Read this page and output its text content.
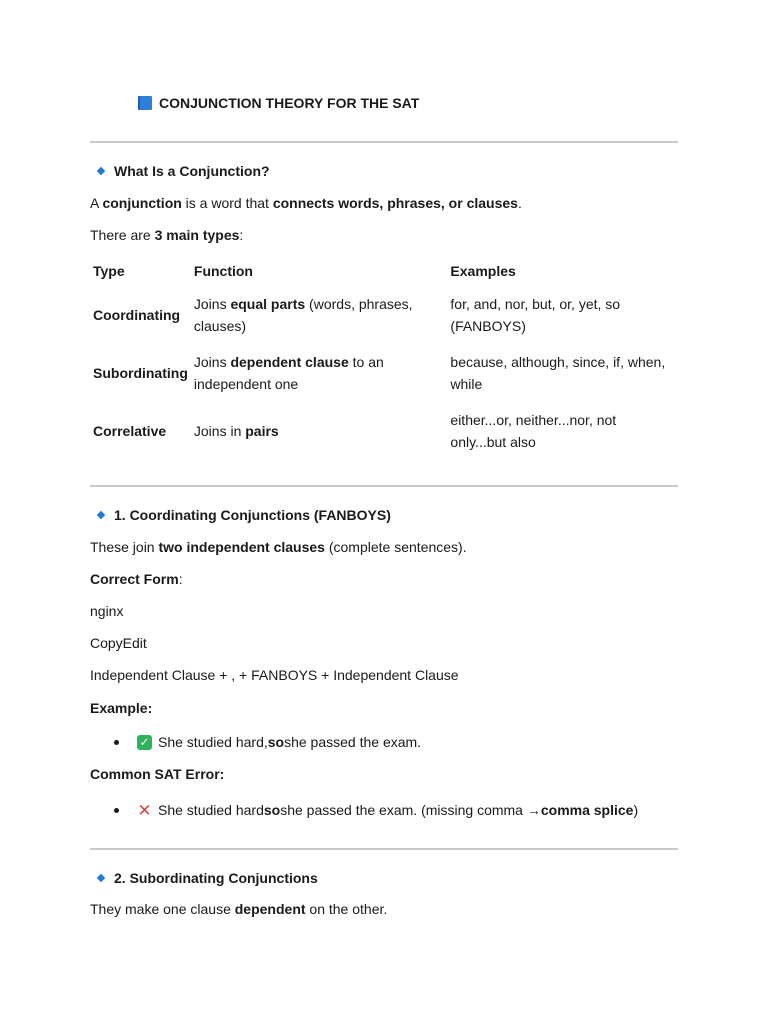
CONJUNCTION THEORY FOR THE SAT
What Is a Conjunction?
A conjunction is a word that connects words, phrases, or clauses.
There are 3 main types:
Type	Function	Examples
Coordinating	Joins equal parts (words, phrases, clauses)	for, and, nor, but, or, yet, so (FANBOYS)
Subordinating	Joins dependent clause to an independent one	because, although, since, if, when, while
Correlative	Joins in pairs	either...or, neither...nor, not only...but also
1. Coordinating Conjunctions (FANBOYS)
These join two independent clauses (complete sentences).
Correct Form:
nginx
CopyEdit
Independent Clause + , + FANBOYS + Independent Clause
Example:
✓ She studied hard, so she passed the exam.
Common SAT Error:
✕ She studied hard so she passed the exam. (missing comma → comma splice )
2. Subordinating Conjunctions
They make one clause dependent on the other.
